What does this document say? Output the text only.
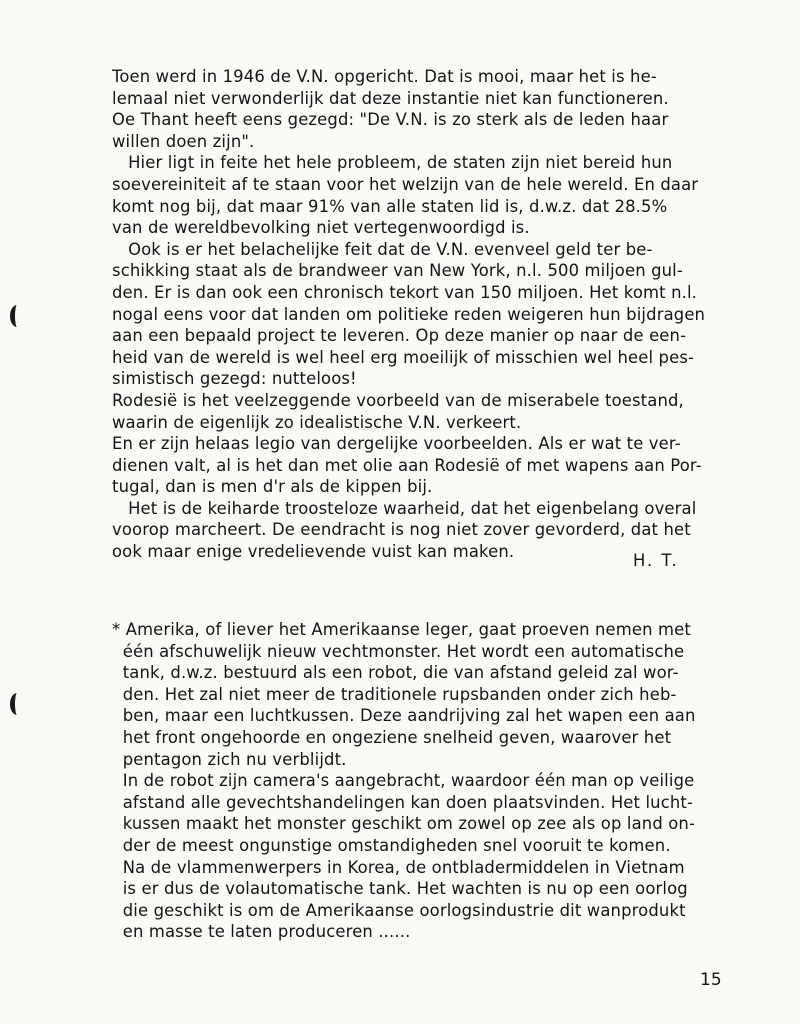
Toen werd in 1946 de V.N. opgericht. Dat is mooi, maar het is he-
lemaal niet verwonderlijk dat deze instantie niet kan functioneren.
Oe Thant heeft eens gezegd: "De V.N. is zo sterk als de leden haar
willen doen zijn".
Hier ligt in feite het hele probleem, de staten zijn niet bereid hun
soevereiniteit af te staan voor het welzijn van de hele wereld. En daar
komt nog bij, dat maar 91% van alle staten lid is, d.w.z. dat 28.5%
van de wereldbevolking niet vertegenwoordigd is.
Ook is er het belachelijke feit dat de V.N. evenveel geld ter be-
schikking staat als de brandweer van New York, n.l. 500 miljoen gul-
den. Er is dan ook een chronisch tekort van 150 miljoen. Het komt n.l.
nogal eens voor dat landen om politieke reden weigeren hun bijdragen
aan een bepaald project te leveren. Op deze manier op naar de een-
heid van de wereld is wel heel erg moeilijk of misschien wel heel pes-
simistisch gezegd: nutteloos!
Rodesië is het veelzeggende voorbeeld van de miserabele toestand,
waarin de eigenlijk zo idealistische V.N. verkeert.
En er zijn helaas legio van dergelijke voorbeelden. Als er wat te ver-
dienen valt, al is het dan met olie aan Rodesië of met wapens aan Por-
tugal, dan is men d'r als de kippen bij.
Het is de keiharde troosteloze waarheid, dat het eigenbelang overal
voorop marcheert. De eendracht is nog niet zover gevorderd, dat het
ook maar enige vredelievende vuist kan maken.	H. T.
* Amerika, of liever het Amerikaanse leger, gaat proeven nemen met
één afschuwelijk nieuw vechtmonster. Het wordt een automatische
tank, d.w.z. bestuurd als een robot, die van afstand geleid zal wor-
den. Het zal niet meer de traditionele rupsbanden onder zich heb-
ben, maar een luchtkussen. Deze aandrijving zal het wapen een aan
het front ongehoorde en ongeziene snelheid geven, waarover het
pentagon zich nu verblijdt.
In de robot zijn camera's aangebracht, waardoor één man op veilige
afstand alle gevechtshandelingen kan doen plaatsvinden. Het lucht-
kussen maakt het monster geschikt om zowel op zee als op land on-
der de meest ongunstige omstandigheden snel vooruit te komen.
Na de vlammenwerpers in Korea, de ontbladermiddelen in Vietnam
is er dus de volautomatische tank. Het wachten is nu op een oorlog
die geschikt is om de Amerikaanse oorlogsindustrie dit wanprodukt
en masse te laten produceren ......
15
